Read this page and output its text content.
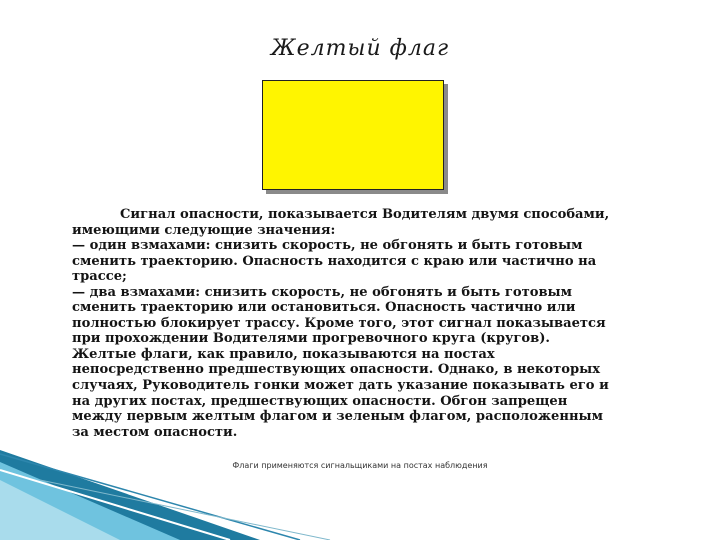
Желтый флаг
Сигнал опасности, показывается Водителям двумя способами,
имеющими следующие значения:
— один взмахами: снизить скорость, не обгонять и быть готовым
сменить траекторию. Опасность находится с краю или частично на
трассе;
— два взмахами: снизить скорость, не обгонять и быть готовым
сменить траекторию или остановиться. Опасность частично или
полностью блокирует трассу. Кроме того, этот сигнал показывается
при прохождении Водителями прогревочного круга (кругов).
Желтые флаги, как правило, показываются на постах
непосредственно предшествующих опасности. Однако, в некоторых
случаях, Руководитель гонки может дать указание показывать его и
на других постах, предшествующих опасности. Обгон запрещен
между первым желтым флагом и зеленым флагом, расположенным
за местом опасности.
Флаги применяются сигнальщиками на постах наблюдения
